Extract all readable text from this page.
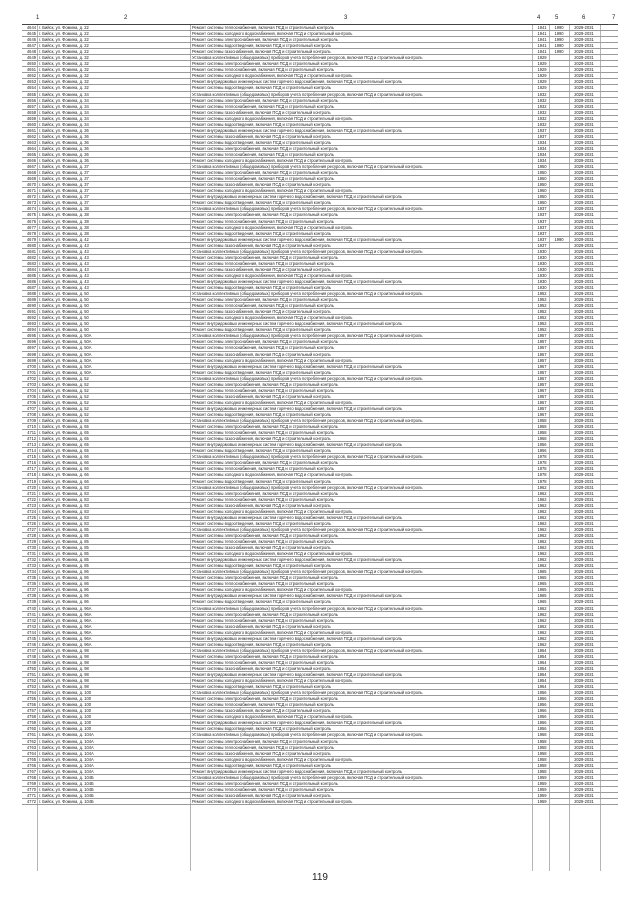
1	2	3	4 5	6	7
4644 г. Бийск, ул. Фомина, д. 22	Ремонт системы теплоснабжения, включая ПСД и строительный контроль	1941	1990	2029-2031
4645 г. Бийск, ул. Фомина, д. 22	Ремонт системы холодного водоснабжения, включая ПСД и строительный контроль	1941	1990	2029-2031
4646 г. Бийск, ул. Фомина, д. 22	Ремонт системы электроснабжения, включая ПСД и строительный контроль	1941	1990	2029-2031
4647 г. Бийск, ул. Фомина, д. 22	Ремонт системы водоотведения, включая ПСД и строительный контроль	1941	1990	2029-2031
4648 г. Бийск, ул. Фомина, д. 22	Ремонт системы газоснабжения, включая ПСД и строительный контроль	1941	1990	2029-2031
4649 г. Бийск, ул. Фомина, д. 32	Установка коллективных (общедомовых) приборов учета потребления ресурсов, включая ПСД и строительный контроль	1929	2029-2031
4650 г. Бийск, ул. Фомина, д. 32	Ремонт системы электроснабжения, включая ПСД и строительный контроль	1929	2029-2031
4651 г. Бийск, ул. Фомина, д. 32	Ремонт системы теплоснабжения, включая ПСД и строительный контроль	1929	2029-2031
4652 г. Бийск, ул. Фомина, д. 32	Ремонт системы холодного водоснабжения, включая ПСД и строительный контроль	1929	2029-2031
4653 г. Бийск, ул. Фомина, д. 32	Ремонт внутридомовых инженерных систем горячего водоснабжения, включая ПСД и строительный контроль	1929	2029-2031
4654 г. Бийск, ул. Фомина, д. 32	Ремонт системы водоотведения, включая ПСД и строительный контроль	1929	2029-2031
4655 г. Бийск, ул. Фомина, д. 34	Установка коллективных (общедомовых) приборов учета потребления ресурсов, включая ПСД и строительный контроль	1932	2029-2031
4656 г. Бийск, ул. Фомина, д. 34	Ремонт системы электроснабжения, включая ПСД и строительный контроль	1932	2029-2031
4657 г. Бийск, ул. Фомина, д. 34	Ремонт системы теплоснабжения, включая ПСД и строительный контроль	1932	2029-2031
4658 г. Бийск, ул. Фомина, д. 34	Ремонт системы газоснабжения, включая ПСД и строительный контроль	1932	2029-2031
4659 г. Бийск, ул. Фомина, д. 34	Ремонт системы холодного водоснабжения, включая ПСД и строительный контроль	1932	2029-2031
4660 г. Бийск, ул. Фомина, д. 34	Ремонт системы водоотведения, включая ПСД и строительный контроль	1932	2029-2031
4661 г. Бийск, ул. Фомина, д. 36	Ремонт внутридомовых инженерных систем горячего водоснабжения, включая ПСД и строительный контроль	1937	2029-2031
4662 г. Бийск, ул. Фомина, д. 36	Ремонт системы газоснабжения, включая ПСД и строительный контроль	1937	2029-2031
4663 г. Бийск, ул. Фомина, д. 36	Ремонт системы водоотведения, включая ПСД и строительный контроль	1934	2029-2031
4664 г. Бийск, ул. Фомина, д. 36	Ремонт системы электроснабжения, включая ПСД и строительный контроль	1934	2029-2031
4665 г. Бийск, ул. Фомина, д. 36	Ремонт системы теплоснабжения, включая ПСД и строительный контроль	1934	2029-2031
4666 г. Бийск, ул. Фомина, д. 36	Ремонт системы холодного водоснабжения, включая ПСД и строительный контроль	1934	2029-2031
4667 г. Бийск, ул. Фомина, д. 37	Установка коллективных (общедомовых) приборов учета потребления ресурсов, включая ПСД и строительный контроль	1950	2029-2031
4668 г. Бийск, ул. Фомина, д. 37	Ремонт системы электроснабжения, включая ПСД и строительный контроль	1950	2029-2031
4669 г. Бийск, ул. Фомина, д. 37	Ремонт системы теплоснабжения, включая ПСД и строительный контроль	1950	2029-2031
4670 г. Бийск, ул. Фомина, д. 37	Ремонт системы газоснабжения, включая ПСД и строительный контроль	1950	2029-2031
4671 г. Бийск, ул. Фомина, д. 37	Ремонт системы холодного водоснабжения, включая ПСД и строительный контроль	1950	2029-2031
4672 г. Бийск, ул. Фомина, д. 37	Ремонт внутридомовых инженерных систем горячего водоснабжения, включая ПСД и строительный контроль	1950	2029-2031
4673 г. Бийск, ул. Фомина, д. 37	Ремонт системы водоотведения, включая ПСД и строительный контроль	1950	2029-2031
4674 г. Бийск, ул. Фомина, д. 38	Установка коллективных (общедомовых) приборов учета потребления ресурсов, включая ПСД и строительный контроль	1937	2029-2031
4675 г. Бийск, ул. Фомина, д. 38	Ремонт системы электроснабжения, включая ПСД и строительный контроль	1937	2029-2031
4676 г. Бийск, ул. Фомина, д. 38	Ремонт системы теплоснабжения, включая ПСД и строительный контроль	1937	2029-2031
4677 г. Бийск, ул. Фомина, д. 38	Ремонт системы холодного водоснабжения, включая ПСД и строительный контроль	1937	2029-2031
4678 г. Бийск, ул. Фомина, д. 38	Ремонт системы водоотведения, включая ПСД и строительный контроль	1937	2029-2031
4679 г. Бийск, ул. Фомина, д. 42	Ремонт внутридомовых инженерных систем горячего водоснабжения, включая ПСД и строительный контроль	1937	1990	2029-2031
4680 г. Бийск, ул. Фомина, д. 43	Ремонт системы газоснабжения, включая ПСД и строительный контроль	1937	2029-2031
4681 г. Бийск, ул. Фомина, д. 43	Установка коллективных (общедомовых) приборов учета потребления ресурсов, включая ПСД и строительный контроль	1930	2029-2031
4682 г. Бийск, ул. Фомина, д. 43	Ремонт системы электроснабжения, включая ПСД и строительный контроль	1930	2029-2031
4683 г. Бийск, ул. Фомина, д. 43	Ремонт системы теплоснабжения, включая ПСД и строительный контроль	1930	2029-2031
4684 г. Бийск, ул. Фомина, д. 43	Ремонт системы газоснабжения, включая ПСД и строительный контроль	1930	2029-2031
4685 г. Бийск, ул. Фомина, д. 43	Ремонт системы холодного водоснабжения, включая ПСД и строительный контроль	1930	2029-2031
4686 г. Бийск, ул. Фомина, д. 43	Ремонт внутридомовых инженерных систем горячего водоснабжения, включая ПСД и строительный контроль	1930	2029-2031
4687 г. Бийск, ул. Фомина, д. 43	Ремонт системы водоотведения, включая ПСД и строительный контроль	1930	2029-2031
4688 г. Бийск, ул. Фомина, д. 50	Установка коллективных (общедомовых) приборов учета потребления ресурсов, включая ПСД и строительный контроль	1952	2029-2031
4689 г. Бийск, ул. Фомина, д. 50	Ремонт системы электроснабжения, включая ПСД и строительный контроль	1952	2029-2031
4690 г. Бийск, ул. Фомина, д. 50	Ремонт системы теплоснабжения, включая ПСД и строительный контроль	1952	2029-2031
4691 г. Бийск, ул. Фомина, д. 50	Ремонт системы газоснабжения, включая ПСД и строительный контроль	1952	2029-2031
4692 г. Бийск, ул. Фомина, д. 50	Ремонт системы холодного водоснабжения, включая ПСД и строительный контроль	1952	2029-2031
4693 г. Бийск, ул. Фомина, д. 50	Ремонт внутридомовых инженерных систем горячего водоснабжения, включая ПСД и строительный контроль	1952	2029-2031
4694 г. Бийск, ул. Фомина, д. 50	Ремонт системы водоотведения, включая ПСД и строительный контроль	1952	2029-2031
4695 г. Бийск, ул. Фомина, д. 50А	Установка коллективных (общедомовых) приборов учета потребления ресурсов, включая ПСД и строительный контроль	1957	2029-2031
4696 г. Бийск, ул. Фомина, д. 50А	Ремонт системы электроснабжения, включая ПСД и строительный контроль	1957	2029-2031
4697 г. Бийск, ул. Фомина, д. 50А	Ремонт системы теплоснабжения, включая ПСД и строительный контроль	1957	2029-2031
4698 г. Бийск, ул. Фомина, д. 50А	Ремонт системы газоснабжения, включая ПСД и строительный контроль	1957	2029-2031
4699 г. Бийск, ул. Фомина, д. 50А	Ремонт системы холодного водоснабжения, включая ПСД и строительный контроль	1957	2029-2031
4700 г. Бийск, ул. Фомина, д. 50А	Ремонт внутридомовых инженерных систем горячего водоснабжения, включая ПСД и строительный контроль	1957	2029-2031
4701 г. Бийск, ул. Фомина, д. 50А	Ремонт системы водоотведения, включая ПСД и строительный контроль	1957	2029-2031
4702 г. Бийск, ул. Фомина, д. 52	Установка коллективных (общедомовых) приборов учета потребления ресурсов, включая ПСД и строительный контроль	1957	2029-2031
4703 г. Бийск, ул. Фомина, д. 52	Ремонт системы электроснабжения, включая ПСД и строительный контроль	1957	2029-2031
4704 г. Бийск, ул. Фомина, д. 52	Ремонт системы теплоснабжения, включая ПСД и строительный контроль	1957	2029-2031
4705 г. Бийск, ул. Фомина, д. 52	Ремонт системы газоснабжения, включая ПСД и строительный контроль	1957	2029-2031
4706 г. Бийск, ул. Фомина, д. 52	Ремонт системы холодного водоснабжения, включая ПСД и строительный контроль	1957	2029-2031
4707 г. Бийск, ул. Фомина, д. 52	Ремонт внутридомовых инженерных систем горячего водоснабжения, включая ПСД и строительный контроль	1957	2029-2031
4708 г. Бийск, ул. Фомина, д. 52	Ремонт системы водоотведения, включая ПСД и строительный контроль	1957	2029-2031
4709 г. Бийск, ул. Фомина, д. 65	Установка коллективных (общедомовых) приборов учета потребления ресурсов, включая ПСД и строительный контроль	1958	2029-2031
4710 г. Бийск, ул. Фомина, д. 65	Ремонт системы электроснабжения, включая ПСД и строительный контроль	1958	2029-2031
4711 г. Бийск, ул. Фомина, д. 65	Ремонт системы теплоснабжения, включая ПСД и строительный контроль	1958	2029-2031
4712 г. Бийск, ул. Фомина, д. 65	Ремонт системы газоснабжения, включая ПСД и строительный контроль	1958	2029-2031
4713 г. Бийск, ул. Фомина, д. 65	Ремонт внутридомовых инженерных систем горячего водоснабжения, включая ПСД и строительный контроль	1956	2029-2031
4714 г. Бийск, ул. Фомина, д. 65	Ремонт системы водоотведения, включая ПСД и строительный контроль	1956	2029-2031
4715 г. Бийск, ул. Фомина, д. 66	Установка коллективных (общедомовых) приборов учета потребления ресурсов, включая ПСД и строительный контроль	1978	2029-2031
4716 г. Бийск, ул. Фомина, д. 66	Ремонт системы электроснабжения, включая ПСД и строительный контроль	1978	2029-2031
4717 г. Бийск, ул. Фомина, д. 66	Ремонт системы теплоснабжения, включая ПСД и строительный контроль	1978	2029-2031
4718 г. Бийск, ул. Фомина, д. 66	Ремонт системы холодного водоснабжения, включая ПСД и строительный контроль	1978	2029-2031
4719 г. Бийск, ул. Фомина, д. 66	Ремонт системы водоотведения, включая ПСД и строительный контроль	1978	2029-2031
4720 г. Бийск, ул. Фомина, д. 83	Установка коллективных (общедомовых) приборов учета потребления ресурсов, включая ПСД и строительный контроль	1962	2029-2031
4721 г. Бийск, ул. Фомина, д. 83	Ремонт системы электроснабжения, включая ПСД и строительный контроль	1962	2029-2031
4722 г. Бийск, ул. Фомина, д. 83	Ремонт системы теплоснабжения, включая ПСД и строительный контроль	1962	2029-2031
4723 г. Бийск, ул. Фомина, д. 83	Ремонт системы газоснабжения, включая ПСД и строительный контроль	1962	2029-2031
4724 г. Бийск, ул. Фомина, д. 83	Ремонт системы холодного водоснабжения, включая ПСД и строительный контроль	1962	2029-2031
4725 г. Бийск, ул. Фомина, д. 83	Ремонт внутридомовых инженерных систем горячего водоснабжения, включая ПСД и строительный контроль	1962	2029-2031
4726 г. Бийск, ул. Фомина, д. 83	Ремонт системы водоотведения, включая ПСД и строительный контроль	1962	2029-2031
4727 г. Бийск, ул. Фомина, д. 85	Установка коллективных (общедомовых) приборов учета потребления ресурсов, включая ПСД и строительный контроль	1962	2029-2031
4728 г. Бийск, ул. Фомина, д. 85	Ремонт системы электроснабжения, включая ПСД и строительный контроль	1962	2029-2031
4729 г. Бийск, ул. Фомина, д. 85	Ремонт системы теплоснабжения, включая ПСД и строительный контроль	1962	2029-2031
4730 г. Бийск, ул. Фомина, д. 85	Ремонт системы газоснабжения, включая ПСД и строительный контроль	1962	2029-2031
4731 г. Бийск, ул. Фомина, д. 85	Ремонт системы холодного водоснабжения, включая ПСД и строительный контроль	1962	2029-2031
4732 г. Бийск, ул. Фомина, д. 85	Ремонт внутридомовых инженерных систем горячего водоснабжения, включая ПСД и строительный контроль	1962	2029-2031
4733 г. Бийск, ул. Фомина, д. 85	Ремонт системы водоотведения, включая ПСД и строительный контроль	1962	2029-2031
4734 г. Бийск, ул. Фомина, д. 86	Установка коллективных (общедомовых) приборов учета потребления ресурсов, включая ПСД и строительный контроль	1965	2029-2031
4735 г. Бийск, ул. Фомина, д. 86	Ремонт системы электроснабжения, включая ПСД и строительный контроль	1965	2029-2031
4736 г. Бийск, ул. Фомина, д. 86	Ремонт системы теплоснабжения, включая ПСД и строительный контроль	1965	2029-2031
4737 г. Бийск, ул. Фомина, д. 86	Ремонт системы холодного водоснабжения, включая ПСД и строительный контроль	1965	2029-2031
4738 г. Бийск, ул. Фомина, д. 86	Ремонт внутридомовых инженерных систем горячего водоснабжения, включая ПСД и строительный контроль	1965	2029-2031
4739 г. Бийск, ул. Фомина, д. 86	Ремонт системы водоотведения, включая ПСД и строительный контроль	1965	2029-2031
4740 г. Бийск, ул. Фомина, д. 96А	Установка коллективных (общедомовых) приборов учета потребления ресурсов, включая ПСД и строительный контроль	1962	2029-2031
4741 г. Бийск, ул. Фомина, д. 96А	Ремонт системы электроснабжения, включая ПСД и строительный контроль	1962	2029-2031
4742 г. Бийск, ул. Фомина, д. 96А	Ремонт системы теплоснабжения, включая ПСД и строительный контроль	1962	2029-2031
4743 г. Бийск, ул. Фомина, д. 96А	Ремонт системы газоснабжения, включая ПСД и строительный контроль	1962	2029-2031
4744 г. Бийск, ул. Фомина, д. 96А	Ремонт системы холодного водоснабжения, включая ПСД и строительный контроль	1962	2029-2031
4745 г. Бийск, ул. Фомина, д. 96А	Ремонт внутридомовых инженерных систем горячего водоснабжения, включая ПСД и строительный контроль	1962	2029-2031
4746 г. Бийск, ул. Фомина, д. 96А	Ремонт системы водоотведения, включая ПСД и строительный контроль	1962	2029-2031
4747 г. Бийск, ул. Фомина, д. 98	Установка коллективных (общедомовых) приборов учета потребления ресурсов, включая ПСД и строительный контроль	1954	2029-2031
4748 г. Бийск, ул. Фомина, д. 98	Ремонт системы электроснабжения, включая ПСД и строительный контроль	1954	2029-2031
4749 г. Бийск, ул. Фомина, д. 98	Ремонт системы теплоснабжения, включая ПСД и строительный контроль	1954	2029-2031
4750 г. Бийск, ул. Фомина, д. 98	Ремонт системы газоснабжения, включая ПСД и строительный контроль	1954	2029-2031
4751 г. Бийск, ул. Фомина, д. 98	Ремонт внутридомовых инженерных систем горячего водоснабжения, включая ПСД и строительный контроль	1954	2029-2031
4752 г. Бийск, ул. Фомина, д. 98	Ремонт системы холодного водоснабжения, включая ПСД и строительный контроль	1954	2029-2031
4753 г. Бийск, ул. Фомина, д. 98	Ремонт системы водоотведения, включая ПСД и строительный контроль	1954	2029-2031
4754 г. Бийск, ул. Фомина, д. 100	Установка коллективных (общедомовых) приборов учета потребления ресурсов, включая ПСД и строительный контроль	1956	2029-2031
4755 г. Бийск, ул. Фомина, д. 100	Ремонт системы электроснабжения, включая ПСД и строительный контроль	1956	2029-2031
4756 г. Бийск, ул. Фомина, д. 100	Ремонт системы теплоснабжения, включая ПСД и строительный контроль	1956	2029-2031
4757 г. Бийск, ул. Фомина, д. 100	Ремонт системы газоснабжения, включая ПСД и строительный контроль	1956	2029-2031
4758 г. Бийск, ул. Фомина, д. 100	Ремонт системы холодного водоснабжения, включая ПСД и строительный контроль	1956	2029-2031
4759 г. Бийск, ул. Фомина, д. 100	Ремонт внутридомовых инженерных систем горячего водоснабжения, включая ПСД и строительный контроль	1956	2029-2031
4760 г. Бийск, ул. Фомина, д. 100	Ремонт системы водоотведения, включая ПСД и строительный контроль	1956	2029-2031
4761 г. Бийск, ул. Фомина, д. 104А	Установка коллективных (общедомовых) приборов учета потребления ресурсов, включая ПСД и строительный контроль	1958	2029-2031
4762 г. Бийск, ул. Фомина, д. 104А	Ремонт системы электроснабжения, включая ПСД и строительный контроль	1958	2029-2031
4763 г. Бийск, ул. Фомина, д. 104А	Ремонт системы теплоснабжения, включая ПСД и строительный контроль	1958	2029-2031
4764 г. Бийск, ул. Фомина, д. 104А	Ремонт системы газоснабжения, включая ПСД и строительный контроль	1958	2029-2031
4765 г. Бийск, ул. Фомина, д. 104А	Ремонт системы холодного водоснабжения, включая ПСД и строительный контроль	1958	2029-2031
4766 г. Бийск, ул. Фомина, д. 104А	Ремонт системы водоотведения, включая ПСД и строительный контроль	1958	2029-2031
4767 г. Бийск, ул. Фомина, д. 104А	Ремонт внутридомовых инженерных систем горячего водоснабжения, включая ПСД и строительный контроль	1958	2029-2031
4768 г. Бийск, ул. Фомина, д. 104Б	Установка коллективных (общедомовых) приборов учета потребления ресурсов, включая ПСД и строительный контроль	1959	2029-2031
4769 г. Бийск, ул. Фомина, д. 104Б	Ремонт системы электроснабжения, включая ПСД и строительный контроль	1959	2029-2031
4770 г. Бийск, ул. Фомина, д. 104Б	Ремонт системы теплоснабжения, включая ПСД и строительный контроль	1959	2029-2031
4771 г. Бийск, ул. Фомина, д. 104Б	Ремонт системы газоснабжения, включая ПСД и строительный контроль	1959	2029-2031
4772 г. Бийск, ул. Фомина, д. 104Б	Ремонт системы холодного водоснабжения, включая ПСД и строительный контроль	1959	2029-2031
119
